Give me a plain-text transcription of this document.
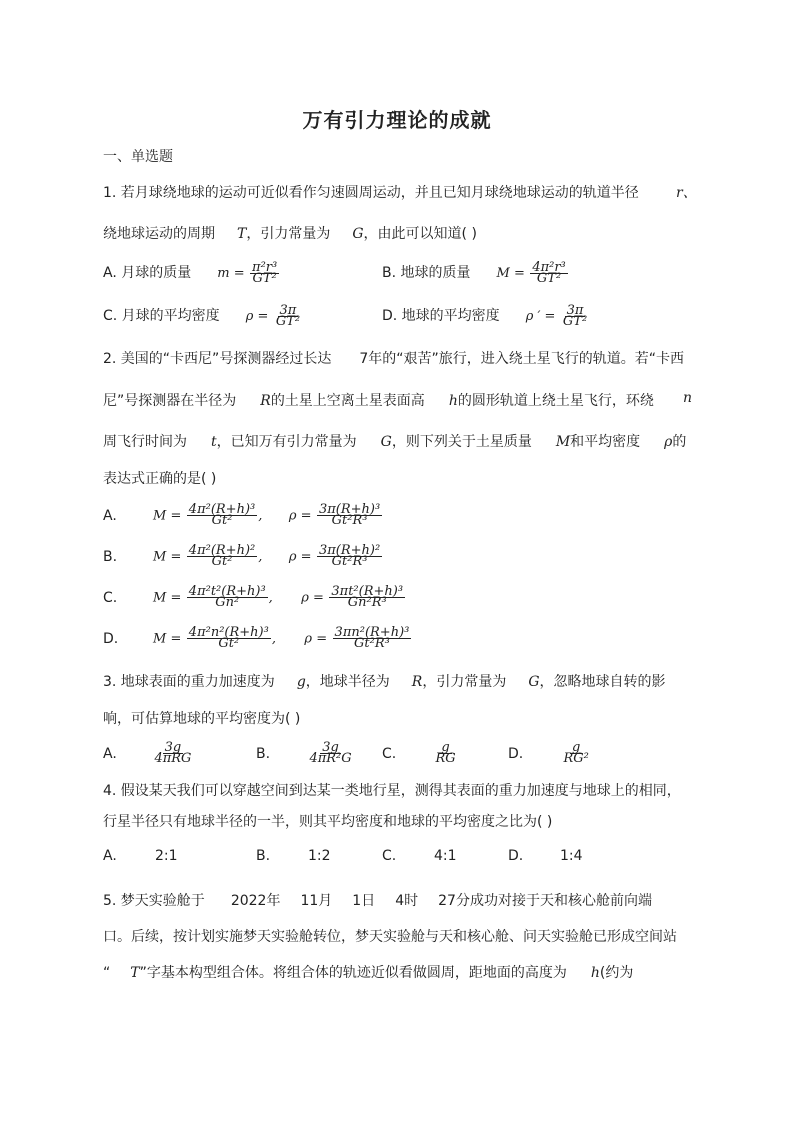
万有引力理论的成就
一、单选题
1. 若月球绕地球的运动可近似看作匀速圆周运动，并且已知月球绕地球运动的轨道半径	r、
绕地球运动的周期 T，引力常量为 G，由此可以知道( )
A. 月球的质量 $m = \frac{\text{π²r³}}{\text{GT²}}$	B. 地球的质量 $M = \frac{\text{4π²r³}}{\text{GT²}}$
C. 月球的平均密度 $\rho = \frac{3\pi}{\text{GT²}}$	D. 地球的平均密度 ρ ′ = $\frac{3\pi}{\text{GT²}}$
2. 美国的“卡西尼”号探测器经过长达 7年的“艰苦”旅行，进入绕土星飞行的轨道。若“卡西
尼”号探测器在半径为 R的土星上空离土星表面高 h的圆形轨道上绕土星飞行，环绕 n
周飞行时间为 t，已知万有引力常量为 G，则下列关于土星质量 M和平均密度 ρ的
表达式正确的是( )
A.	$M = \frac{\text{4π²(R+h)³}}{\text{Gt²}}$ , $\rho = \frac{\text{3π(R+h)³}}{\text{Gt²R³}}$
B.	$M = \frac{\text{4π²(R+h)²}}{\text{Gt²}}$ , $\rho = \frac{\text{3π(R+h)²}}{\text{Gt²R³}}$
C.	$M = \frac{\text{4π²t²(R+h)³}}{\text{Gn²}}$ , $\rho = \frac{\text{3πt²(R+h)³}}{\text{Gn²R³}}$
D.	$M = \frac{\text{4π²n²(R+h)³}}{\text{Gt²}}$ , $\rho = \frac{\text{3πn²(R+h)³}}{\text{Gt²R³}}$
3. 地球表面的重力加速度为 g，地球半径为 R，引力常量为 G，忽略地球自转的影
响，可估算地球的平均密度为( )
A.	$\frac{3g}{\text{4πRG}}$	B.	$\frac{3g}{\text{4πR²G}} C$.	$\frac{g}{RG}$	D.	$\frac{g}{\text{RG²}}$
4. 假设某天我们可以穿越空间到达某一类地行星，测得其表面的重力加速度与地球上的相同，
行星半径只有地球半径的一半，则其平均密度和地球的平均密度之比为( )
A.	2:1	B.	1:2	C.	4:1	D.	1:4
5. 梦天实验舱于 2022年 11月 1日 4时 27分成功对接于天和核心舱前向端
口。后续，按计划实施梦天实验舱转位，梦天实验舱与天和核心舱、问天实验舱已形成空间站
“ T”字基本构型组合体。将组合体的轨迹近似看做圆周，距地面的高度为 h(约为
